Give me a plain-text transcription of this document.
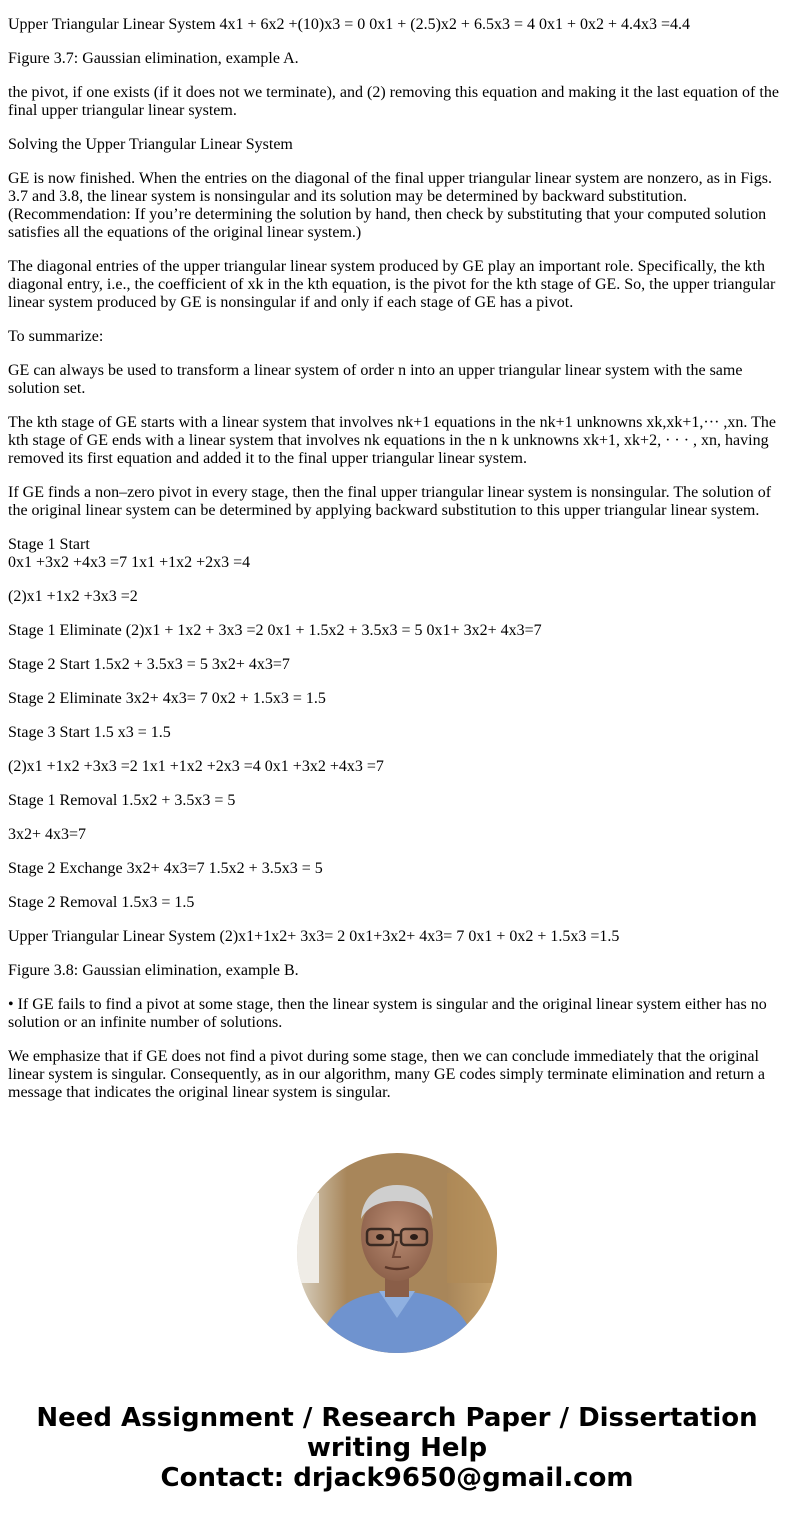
Upper Triangular Linear System 4x1 + 6x2 +(10)x3 = 0 0x1 + (2.5)x2 + 6.5x3 = 4 0x1 + 0x2 + 4.4x3 =4.4

Figure 3.7: Gaussian elimination, example A.

the pivot, if one exists (if it does not we terminate), and (2) removing this equation and making it the last equation of the final upper triangular linear system.

Solving the Upper Triangular Linear System

GE is now finished. When the entries on the diagonal of the final upper triangular linear system are nonzero, as in Figs. 3.7 and 3.8, the linear system is nonsingular and its solution may be determined by backward substitution. (Recommendation: If you’re determining the solution by hand, then check by substituting that your computed solution satisfies all the equations of the original linear system.)

The diagonal entries of the upper triangular linear system produced by GE play an important role. Specifically, the kth diagonal entry, i.e., the coefficient of xk in the kth equation, is the pivot for the kth stage of GE. So, the upper triangular linear system produced by GE is nonsingular if and only if each stage of GE has a pivot.

To summarize:

GE can always be used to transform a linear system of order n into an upper triangular linear system with the same solution set.

The kth stage of GE starts with a linear system that involves nk+1 equations in the nk+1 unknowns xk,xk+1,··· ,xn. The kth stage of GE ends with a linear system that involves nk equations in the n k unknowns xk+1, xk+2, · · · , xn, having removed its first equation and added it to the final upper triangular linear system.

If GE finds a non–zero pivot in every stage, then the final upper triangular linear system is nonsingular. The solution of the original linear system can be determined by applying backward substitution to this upper triangular linear system.

Stage 1 Start
0x1 +3x2 +4x3 =7 1x1 +1x2 +2x3 =4

(2)x1 +1x2 +3x3 =2

Stage 1 Eliminate (2)x1 + 1x2 + 3x3 =2 0x1 + 1.5x2 + 3.5x3 = 5 0x1+ 3x2+ 4x3=7

Stage 2 Start 1.5x2 + 3.5x3 = 5 3x2+ 4x3=7

Stage 2 Eliminate 3x2+ 4x3= 7 0x2 + 1.5x3 = 1.5

Stage 3 Start 1.5 x3 = 1.5

(2)x1 +1x2 +3x3 =2 1x1 +1x2 +2x3 =4 0x1 +3x2 +4x3 =7

Stage 1 Removal 1.5x2 + 3.5x3 = 5

3x2+ 4x3=7

Stage 2 Exchange 3x2+ 4x3=7 1.5x2 + 3.5x3 = 5

Stage 2 Removal 1.5x3 = 1.5

Upper Triangular Linear System (2)x1+1x2+ 3x3= 2 0x1+3x2+ 4x3= 7 0x1 + 0x2 + 1.5x3 =1.5

Figure 3.8: Gaussian elimination, example B.

• If GE fails to find a pivot at some stage, then the linear system is singular and the original linear system either has no solution or an infinite number of solutions.

We emphasize that if GE does not find a pivot during some stage, then we can conclude immediately that the original linear system is singular. Consequently, as in our algorithm, many GE codes simply terminate elimination and return a message that indicates the original linear system is singular.

Need Assignment / Research Paper / Dissertation
writing Help
Contact: drjack9650@gmail.com
